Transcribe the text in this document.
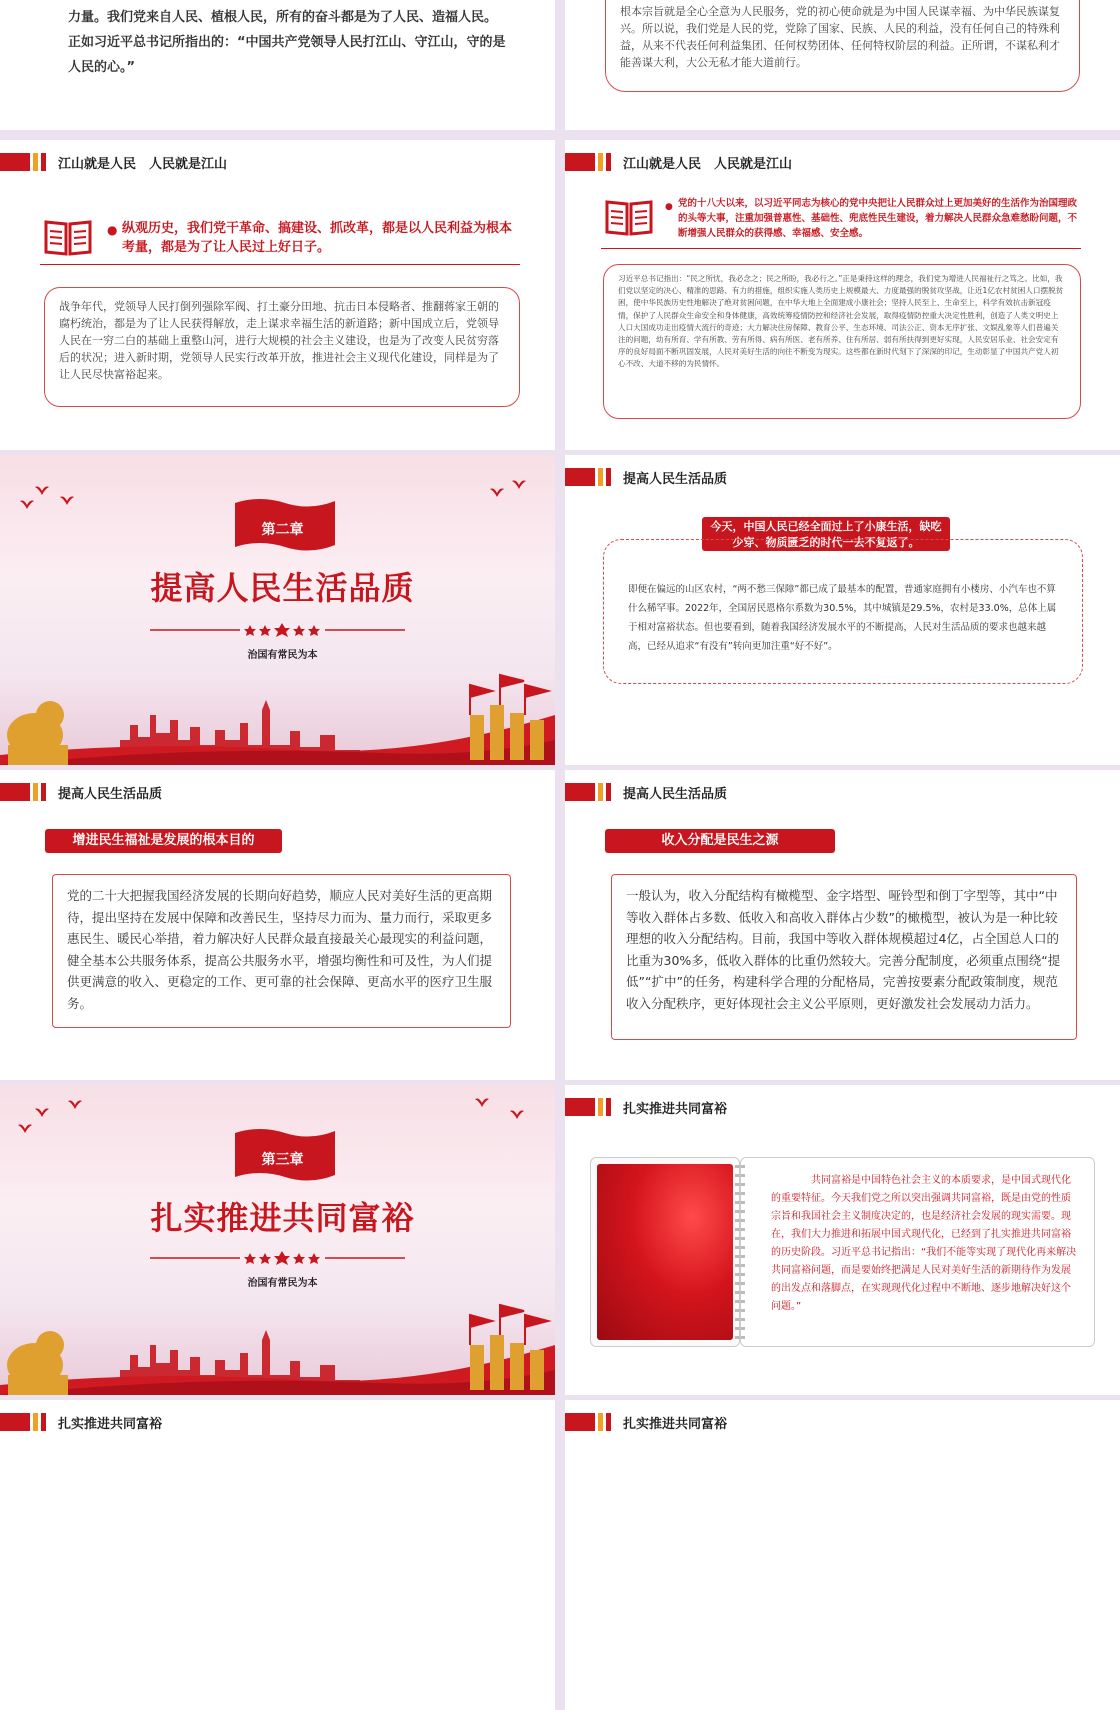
力量。我们党来自人民、植根人民，所有的奋斗都是为了人民、造福人民。正如习近平总书记所指出的：“中国共产党领导人民打江山、守江山，守的是人民的心。”
根本宗旨就是全心全意为人民服务，党的初心使命就是为中国人民谋幸福、为中华民族谋复兴。所以说，我们党是人民的党，党除了国家、民族、人民的利益，没有任何自己的特殊利益，从来不代表任何利益集团、任何权势团体、任何特权阶层的利益。正所谓，不谋私利才能善谋大利，大公无私才能大道前行。
江山就是人民　人民就是江山
● 纵观历史，我们党干革命、搞建设、抓改革，都是以人民利益为根本考量，都是为了让人民过上好日子。
战争年代，党领导人民打倒列强除军阀、打土豪分田地、抗击日本侵略者、推翻蒋家王朝的腐朽统治，都是为了让人民获得解放，走上谋求幸福生活的新道路；新中国成立后，党领导人民在一穷二白的基础上重整山河，进行大规模的社会主义建设，也是为了改变人民贫穷落后的状况；进入新时期，党领导人民实行改革开放，推进社会主义现代化建设，同样是为了让人民尽快富裕起来。
江山就是人民　人民就是江山
● 党的十八大以来，以习近平同志为核心的党中央把让人民群众过上更加美好的生活作为治国理政的头等大事，注重加强普惠性、基础性、兜底性民生建设，着力解决人民群众急难愁盼问题，不断增强人民群众的获得感、幸福感、安全感。
习近平总书记指出：“民之所忧，我必念之；民之所盼，我必行之。”正是秉持这样的理念，我们党为增进人民福祉行之笃之。比如，我们党以坚定的决心、精准的思路、有力的措施，组织实施人类历史上规模最大、力度最强的脱贫攻坚战，让近1亿农村贫困人口摆脱贫困，使中华民族历史性地解决了绝对贫困问题，在中华大地上全面建成小康社会；坚持人民至上、生命至上，科学有效抗击新冠疫情，保护了人民群众生命安全和身体健康，高效统筹疫情防控和经济社会发展，取得疫情防控重大决定性胜利，创造了人类文明史上人口大国成功走出疫情大流行的奇迹；大力解决住房保障、教育公平、生态环境、司法公正、资本无序扩张、文娱乱象等人们普遍关注的问题，幼有所育、学有所教、劳有所得、病有所医、老有所养、住有所居、弱有所扶得到更好实现，人民安居乐业、社会安定有序的良好局面不断巩固发展，人民对美好生活的向往不断变为现实。这些都在新时代刻下了深深的印记，生动彰显了中国共产党人初心不改、大道不移的为民情怀。
第二章
提高人民生活品质
治国有常民为本
提高人民生活品质
今天，中国人民已经全面过上了小康生活，缺吃少穿、物质匮乏的时代一去不复返了。
即便在偏远的山区农村，“两不愁三保障”都已成了最基本的配置，普通家庭拥有小楼房、小汽车也不算什么稀罕事。2022年，全国居民恩格尔系数为30.5%，其中城镇是29.5%，农村是33.0%，总体上属于相对富裕状态。但也要看到，随着我国经济发展水平的不断提高，人民对生活品质的要求也越来越高，已经从追求“有没有”转向更加注重“好不好”。
提高人民生活品质
增进民生福祉是发展的根本目的
党的二十大把握我国经济发展的长期向好趋势，顺应人民对美好生活的更高期待，提出坚持在发展中保障和改善民生，坚持尽力而为、量力而行，采取更多惠民生、暖民心举措，着力解决好人民群众最直接最关心最现实的利益问题，健全基本公共服务体系，提高公共服务水平，增强均衡性和可及性，为人们提供更满意的收入、更稳定的工作、更可靠的社会保障、更高水平的医疗卫生服务。
提高人民生活品质
收入分配是民生之源
一般认为，收入分配结构有橄榄型、金字塔型、哑铃型和倒丁字型等，其中“中等收入群体占多数、低收入和高收入群体占少数”的橄榄型，被认为是一种比较理想的收入分配结构。目前，我国中等收入群体规模超过4亿，占全国总人口的比重为30%多，低收入群体的比重仍然较大。完善分配制度，必须重点围绕“提低”“扩中”的任务，构建科学合理的分配格局，完善按要素分配政策制度，规范收入分配秩序，更好体现社会主义公平原则，更好激发社会发展动力活力。
第三章
扎实推进共同富裕
治国有常民为本
扎实推进共同富裕
共同富裕是中国特色社会主义的本质要求，是中国式现代化的重要特征。今天我们党之所以突出强调共同富裕，既是由党的性质宗旨和我国社会主义制度决定的，也是经济社会发展的现实需要。现在，我们大力推进和拓展中国式现代化，已经到了扎实推进共同富裕的历史阶段。习近平总书记指出：“我们不能等实现了现代化再来解决共同富裕问题，而是要始终把满足人民对美好生活的新期待作为发展的出发点和落脚点，在实现现代化过程中不断地、逐步地解决好这个问题。”
扎实推进共同富裕	扎实推进共同富裕
